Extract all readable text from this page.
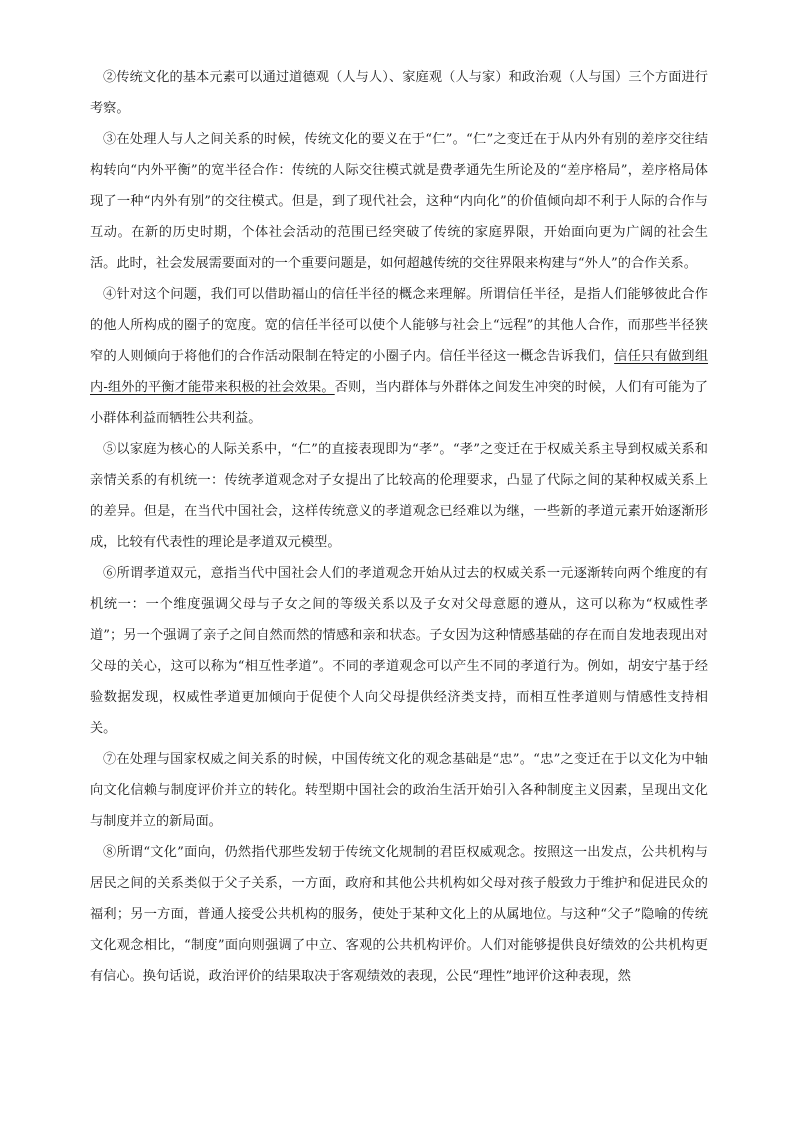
②传统文化的基本元素可以通过道德观（人与人）、家庭观（人与家）和政治观（人与国）三个方面进行考察。

③在处理人与人之间关系的时候，传统文化的要义在于“仁”。“仁”之变迁在于从内外有别的差序交往结构转向“内外平衡”的宽半径合作：传统的人际交往模式就是费孝通先生所论及的“差序格局”，差序格局体现了一种“内外有别”的交往模式。但是，到了现代社会，这种“内向化”的价值倾向却不利于人际的合作与互动。在新的历史时期，个体社会活动的范围已经突破了传统的家庭界限，开始面向更为广阔的社会生活。此时，社会发展需要面对的一个重要问题是，如何超越传统的交往界限来构建与“外人”的合作关系。

④针对这个问题，我们可以借助福山的信任半径的概念来理解。所谓信任半径，是指人们能够彼此合作的他人所构成的圈子的宽度。宽的信任半径可以使个人能够与社会上“远程”的其他人合作，而那些半径狭窄的人则倾向于将他们的合作活动限制在特定的小圈子内。信任半径这一概念告诉我们，信任只有做到组内-组外的平衡才能带来积极的社会效果。否则，当内群体与外群体之间发生冲突的时候，人们有可能为了小群体利益而牺牲公共利益。

⑤以家庭为核心的人际关系中，“仁”的直接表现即为“孝”。“孝”之变迁在于权威关系主导到权威关系和亲情关系的有机统一：传统孝道观念对子女提出了比较高的伦理要求，凸显了代际之间的某种权威关系上的差异。但是，在当代中国社会，这样传统意义的孝道观念已经难以为继，一些新的孝道元素开始逐渐形成，比较有代表性的理论是孝道双元模型。

⑥所谓孝道双元，意指当代中国社会人们的孝道观念开始从过去的权威关系一元逐渐转向两个维度的有机统一：一个维度强调父母与子女之间的等级关系以及子女对父母意愿的遵从，这可以称为“权威性孝道”；另一个强调了亲子之间自然而然的情感和亲和状态。子女因为这种情感基础的存在而自发地表现出对父母的关心，这可以称为“相互性孝道”。不同的孝道观念可以产生不同的孝道行为。例如，胡安宁基于经验数据发现，权威性孝道更加倾向于促使个人向父母提供经济类支持，而相互性孝道则与情感性支持相关。

⑦在处理与国家权威之间关系的时候，中国传统文化的观念基础是“忠”。“忠”之变迁在于以文化为中轴向文化信赖与制度评价并立的转化。转型期中国社会的政治生活开始引入各种制度主义因素，呈现出文化与制度并立的新局面。

⑧所谓“文化”面向，仍然指代那些发轫于传统文化规制的君臣权威观念。按照这一出发点，公共机构与居民之间的关系类似于父子关系，一方面，政府和其他公共机构如父母对孩子般致力于维护和促进民众的福利；另一方面，普通人接受公共机构的服务，使处于某种文化上的从属地位。与这种“父子”隐喻的传统文化观念相比，“制度”面向则强调了中立、客观的公共机构评价。人们对能够提供良好绩效的公共机构更有信心。换句话说，政治评价的结果取决于客观绩效的表现，公民“理性”地评价这种表现，然
